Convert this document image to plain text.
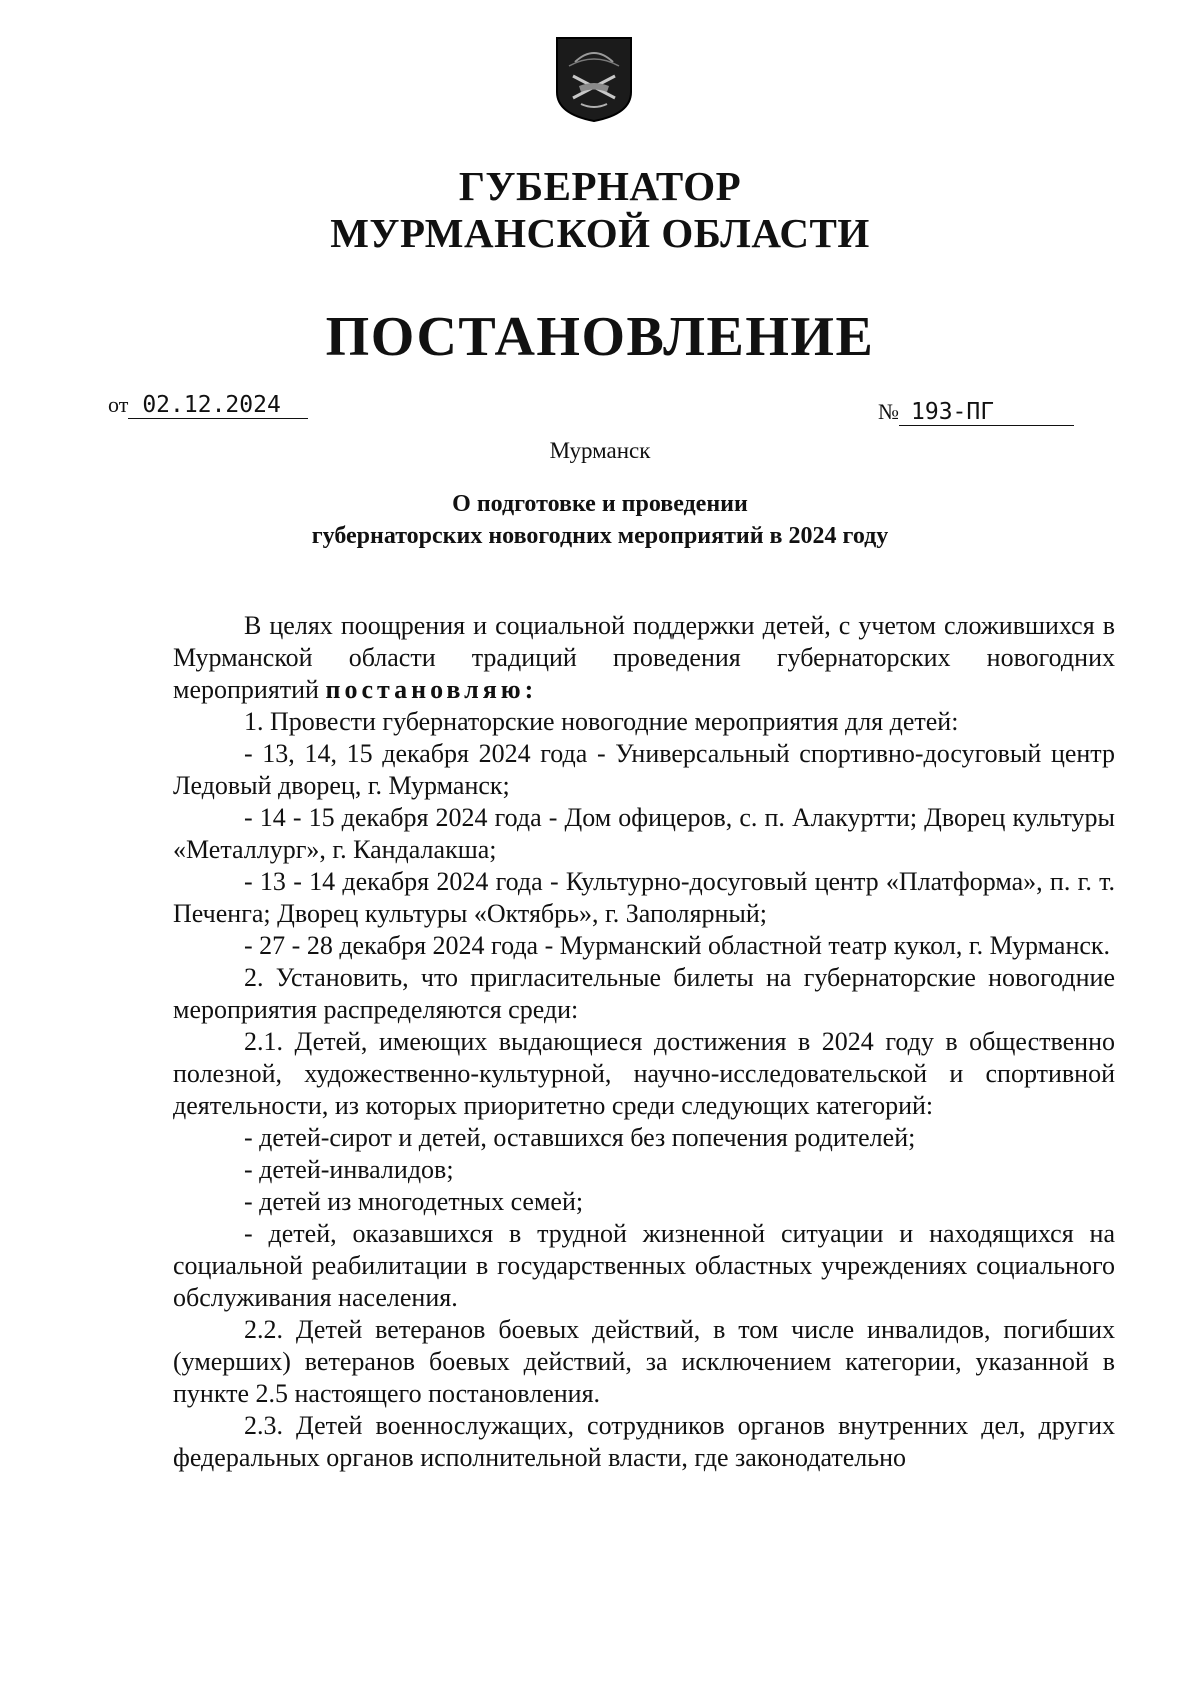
ГУБЕРНАТОР
МУРМАНСКОЙ ОБЛАСТИ
ПОСТАНОВЛЕНИЕ
от 02.12.2024	№ 193-ПГ
Мурманск
О подготовке и проведении
губернаторских новогодних мероприятий в 2024 году

В целях поощрения и социальной поддержки детей, с учетом сложившихся в Мурманской области традиций проведения губернаторских новогодних мероприятий постановляю:

1. Провести губернаторские новогодние мероприятия для детей:

- 13, 14, 15 декабря 2024 года - Универсальный спортивно-досуговый центр Ледовый дворец, г. Мурманск;

- 14 - 15 декабря 2024 года - Дом офицеров, с. п. Алакуртти; Дворец культуры «Металлург», г. Кандалакша;

- 13 - 14 декабря 2024 года - Культурно-досуговый центр «Платформа», п. г. т. Печенга; Дворец культуры «Октябрь», г. Заполярный;

- 27 - 28 декабря 2024 года - Мурманский областной театр кукол, г. Мурманск.

2. Установить, что пригласительные билеты на губернаторские новогодние мероприятия распределяются среди:

2.1. Детей, имеющих выдающиеся достижения в 2024 году в общественно полезной, художественно-культурной, научно-исследовательской и спортивной деятельности, из которых приоритетно среди следующих категорий:

- детей-сирот и детей, оставшихся без попечения родителей;

- детей-инвалидов;

- детей из многодетных семей;

- детей, оказавшихся в трудной жизненной ситуации и находящихся на социальной реабилитации в государственных областных учреждениях социального обслуживания населения.

2.2. Детей ветеранов боевых действий, в том числе инвалидов, погибших (умерших) ветеранов боевых действий, за исключением категории, указанной в пункте 2.5 настоящего постановления.

2.3. Детей военнослужащих, сотрудников органов внутренних дел, других федеральных органов исполнительной власти, где законодательно
